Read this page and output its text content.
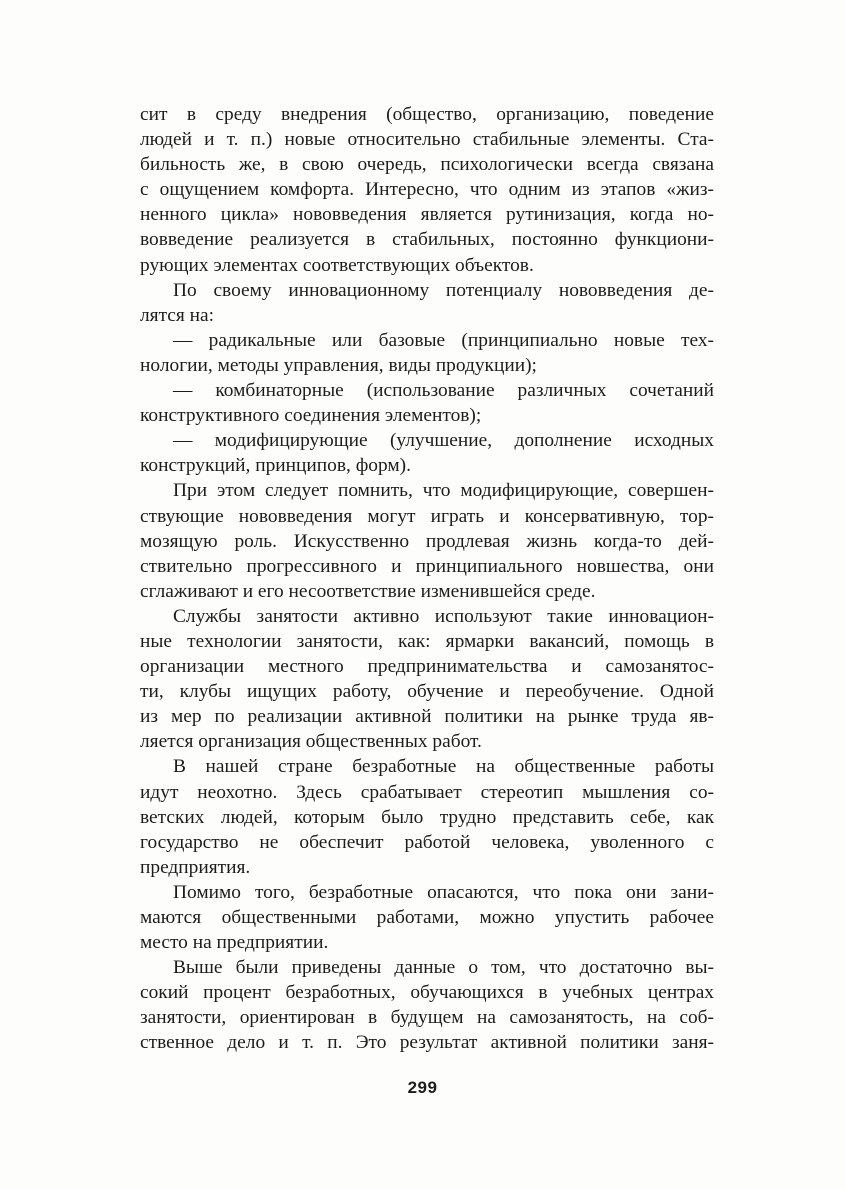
сит в среду внедрения (общество, организацию, поведение
людей и т. п.) новые относительно стабильные элементы. Ста-
бильность же, в свою очередь, психологически всегда связана
с ощущением комфорта. Интересно, что одним из этапов «жиз-
ненного цикла» нововведения является рутинизация, когда но-
вовведение реализуется в стабильных, постоянно функциони-
рующих элементах соответствующих объектов.
По своему инновационному потенциалу нововведения де-
лятся на:
— радикальные или базовые (принципиально новые тех-
нологии, методы управления, виды продукции);
— комбинаторные (использование различных сочетаний
конструктивного соединения элементов);
— модифицирующие (улучшение, дополнение исходных
конструкций, принципов, форм).
При этом следует помнить, что модифицирующие, совершен-
ствующие нововведения могут играть и консервативную, тор-
мозящую роль. Искусственно продлевая жизнь когда-то дей-
ствительно прогрессивного и принципиального новшества, они
сглаживают и его несоответствие изменившейся среде.
Службы занятости активно используют такие инновацион-
ные технологии занятости, как: ярмарки вакансий, помощь в
организации местного предпринимательства и самозанятос-
ти, клубы ищущих работу, обучение и переобучение. Одной
из мер по реализации активной политики на рынке труда яв-
ляется организация общественных работ.
В нашей стране безработные на общественные работы
идут неохотно. Здесь срабатывает стереотип мышления со-
ветских людей, которым было трудно представить себе, как
государство не обеспечит работой человека, уволенного с
предприятия.
Помимо того, безработные опасаются, что пока они зани-
маются общественными работами, можно упустить рабочее
место на предприятии.
Выше были приведены данные о том, что достаточно вы-
сокий процент безработных, обучающихся в учебных центрах
занятости, ориентирован в будущем на самозанятость, на соб-
ственное дело и т. п. Это результат активной политики заня-
299
